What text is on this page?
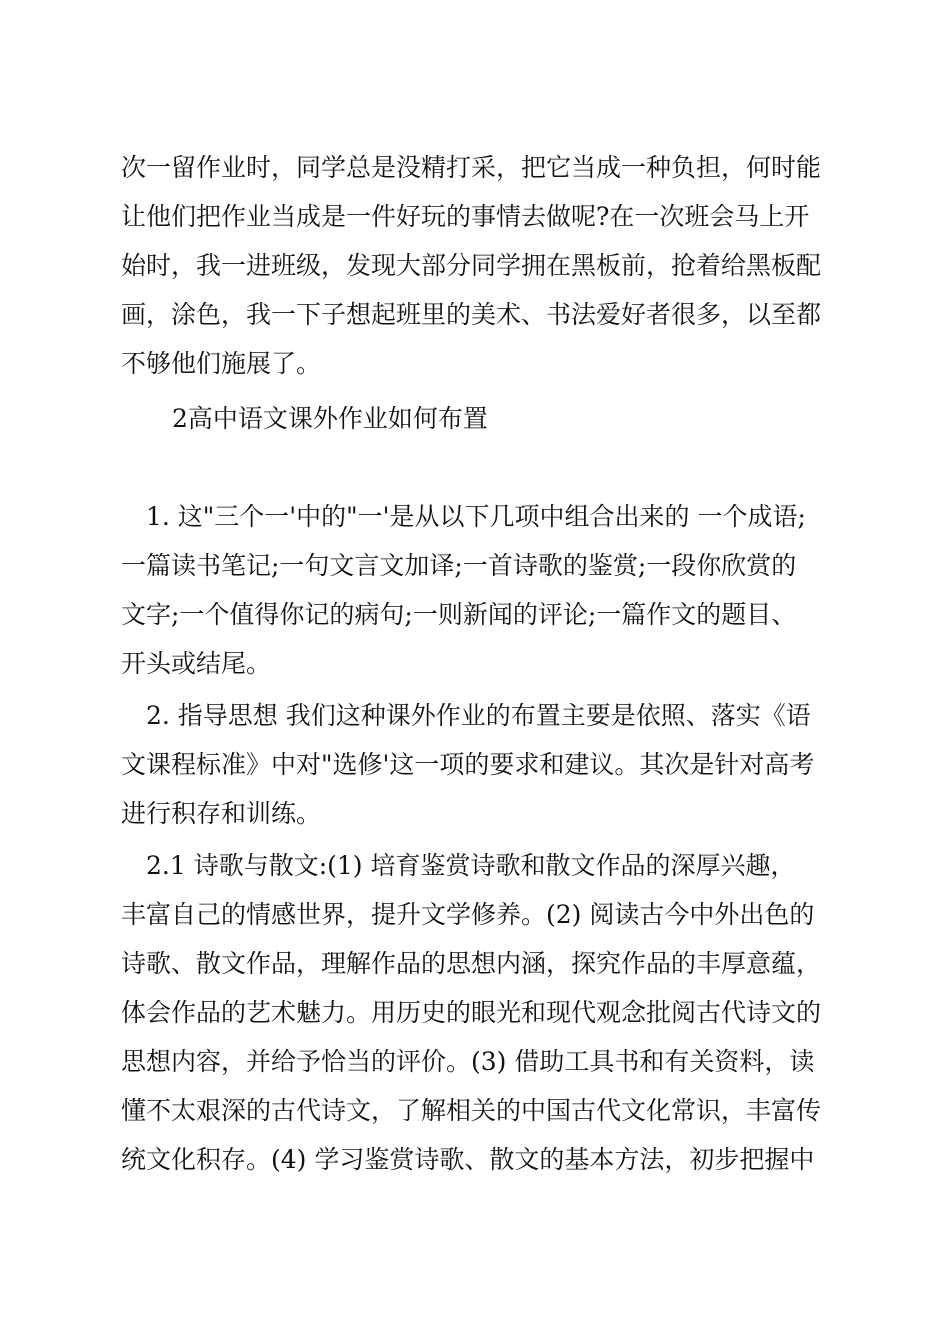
次一留作业时，同学总是没精打采，把它当成一种负担，何时能
让他们把作业当成是一件好玩的事情去做呢?在一次班会马上开
始时，我一进班级，发现大部分同学拥在黑板前，抢着给黑板配
画，涂色，我一下子想起班里的美术、书法爱好者很多，以至都
不够他们施展了。
2高中语文课外作业如何布置
1. 这"三个一'中的"一'是从以下几项中组合出来的 一个成语;
一篇读书笔记;一句文言文加译;一首诗歌的鉴赏;一段你欣赏的
文字;一个值得你记的病句;一则新闻的评论;一篇作文的题目、
开头或结尾。
2. 指导思想 我们这种课外作业的布置主要是依照、落实《语
文课程标准》中对"选修'这一项的要求和建议。其次是针对高考
进行积存和训练。
2.1 诗歌与散文:(1) 培育鉴赏诗歌和散文作品的深厚兴趣，
丰富自己的情感世界，提升文学修养。(2) 阅读古今中外出色的
诗歌、散文作品，理解作品的思想内涵，探究作品的丰厚意蕴，
体会作品的艺术魅力。用历史的眼光和现代观念批阅古代诗文的
思想内容，并给予恰当的评价。(3) 借助工具书和有关资料，读
懂不太艰深的古代诗文，了解相关的中国古代文化常识，丰富传
统文化积存。(4) 学习鉴赏诗歌、散文的基本方法，初步把握中
